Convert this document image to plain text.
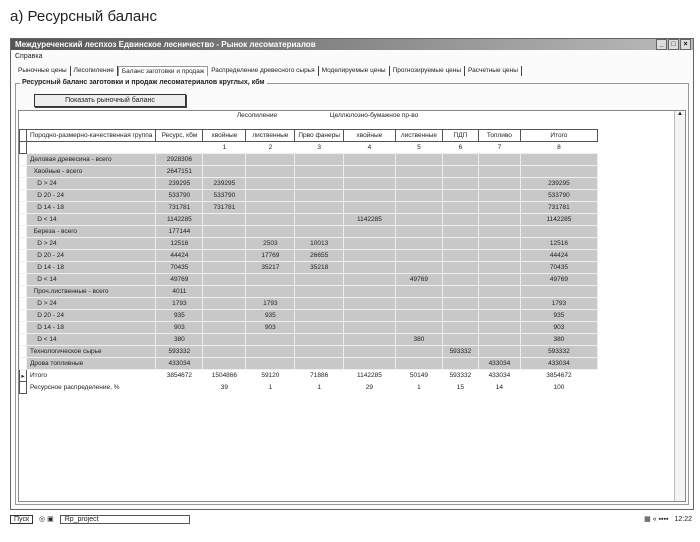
а) Ресурсный баланс
Междуреченский леспхоз Едвинское лесничество - Рынок лесоматериалов	_	□	×
Справка
Рыночные цены	Лесопиление	Баланс заготовки и продаж	Распределение древесного сырья	Моделируемые цены	Прогнозируемые цены	Расчетные цены
Ресурсный баланс заготовки и продаж лесоматериалов круглых, кбм
Показать рыночный баланс
Лесопиление	Целлюлозно-бумажное пр-во
	Породно-размерно-качественная группа	Ресурс, кбм	хвойные	лиственные	Прво фанеры	хвойные	лиственные	ПДП	Топливо	Итого
			1	2	3	4	5	6	7	8
	Деловая древесина - всего	2928306								
	Хвойные - всего	2647151								
	D > 24	239295	239295							239295
	D 20 - 24	533790	533790							533790
	D 14 - 18	731781	731781							731781
	D < 14	1142285				1142285				1142285
	Береза - всего	177144								
	D > 24	12516		2503	10013					12516
	D 20 - 24	44424		17769	26655					44424
	D 14 - 18	70435		35217	35218					70435
	D < 14	49769					49769			49769
	Проч.лиственные - всего	4011								
	D > 24	1793		1793						1793
	D 20 - 24	935		935						935
	D 14 - 18	903		903						903
	D < 14	380					380			380
	Технологическое сырье	593332						593332		593332
	Дрова топливные	433034							433034	433034
▸	Итого	3854672	1504866	59120	71886	1142285	50149	593332	433034	3854672
	Ресурсное распределение, %		39	1	1	29	1	15	14	100
▲
Пуск	◎ ▣	Rp_project	▦ « ▪▪▪▪ 12:22
